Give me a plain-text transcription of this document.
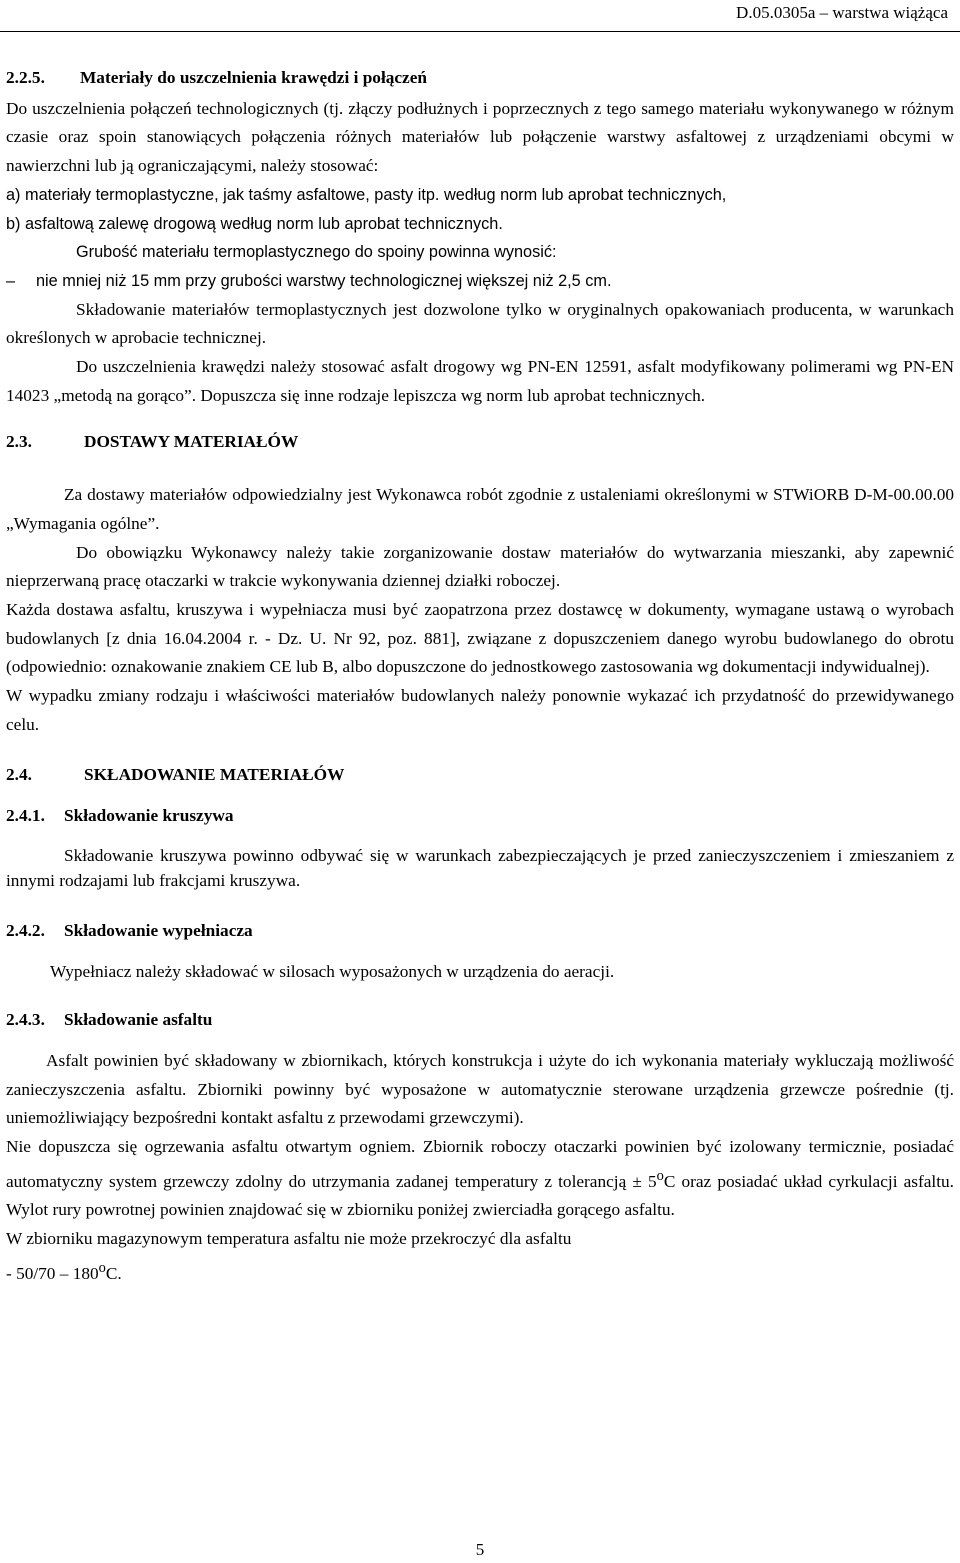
D.05.0305a – warstwa wiążąca
2.2.5.	Materiały do uszczelnienia krawędzi i połączeń

Do uszczelnienia połączeń technologicznych (tj. złączy podłużnych i poprzecznych z tego samego materiału wykonywanego w różnym czasie oraz spoin stanowiących połączenia różnych materiałów lub połączenie warstwy asfaltowej z urządzeniami obcymi w nawierzchni lub ją ograniczającymi, należy stosować:

a) materiały termoplastyczne, jak taśmy asfaltowe, pasty itp. według norm lub aprobat technicznych,

b) asfaltową zalewę drogową według norm lub aprobat technicznych.

Grubość materiału termoplastycznego do spoiny powinna wynosić:

–	nie mniej niż 15 mm przy grubości warstwy technologicznej większej niż 2,5 cm.

Składowanie materiałów termoplastycznych jest dozwolone tylko w oryginalnych opakowaniach producenta, w warunkach określonych w aprobacie technicznej.

Do uszczelnienia krawędzi należy stosować asfalt drogowy wg PN-EN 12591, asfalt modyfikowany polimerami wg PN-EN 14023 „metodą na gorąco”. Dopuszcza się inne rodzaje lepiszcza wg norm lub aprobat technicznych.

2.3.	DOSTAWY MATERIAŁÓW

Za dostawy materiałów odpowiedzialny jest Wykonawca robót zgodnie z ustaleniami określonymi w STWiORB D-M-00.00.00 „Wymagania ogólne”.

Do obowiązku Wykonawcy należy takie zorganizowanie dostaw materiałów do wytwarzania mieszanki, aby zapewnić nieprzerwaną pracę otaczarki w trakcie wykonywania dziennej działki roboczej.

Każda dostawa asfaltu, kruszywa i wypełniacza musi być zaopatrzona przez dostawcę w dokumenty, wymagane ustawą o wyrobach budowlanych [z dnia 16.04.2004 r. - Dz. U. Nr 92, poz. 881], związane z dopuszczeniem danego wyrobu budowlanego do obrotu (odpowiednio: oznakowanie znakiem CE lub B, albo dopuszczone do jednostkowego zastosowania wg dokumentacji indywidualnej).

W wypadku zmiany rodzaju i właściwości materiałów budowlanych należy ponownie wykazać ich przydatność do przewidywanego celu.

2.4.	SKŁADOWANIE MATERIAŁÓW
2.4.1.	Składowanie kruszywa

Składowanie kruszywa powinno odbywać się w warunkach zabezpieczających je przed zanieczyszczeniem i zmieszaniem z innymi rodzajami lub frakcjami kruszywa.

2.4.2.	Składowanie wypełniacza

Wypełniacz należy składować w silosach wyposażonych w urządzenia do aeracji.

2.4.3.	Składowanie asfaltu

Asfalt powinien być składowany w zbiornikach, których konstrukcja i użyte do ich wykonania materiały wykluczają możliwość zanieczyszczenia asfaltu. Zbiorniki powinny być wyposażone w automatycznie sterowane urządzenia grzewcze pośrednie (tj. uniemożliwiający bezpośredni kontakt asfaltu z przewodami grzewczymi).

Nie dopuszcza się ogrzewania asfaltu otwartym ogniem. Zbiornik roboczy otaczarki powinien być izolowany termicznie, posiadać automatyczny system grzewczy zdolny do utrzymania zadanej temperatury z tolerancją ± $5^oC$ oraz posiadać układ cyrkulacji asfaltu. Wylot rury powrotnej powinien znajdować się w zbiorniku poniżej zwierciadła gorącego asfaltu.

W zbiorniku magazynowym temperatura asfaltu nie może przekroczyć dla asfaltu

- 50/70 – 180$^o$C.

5
